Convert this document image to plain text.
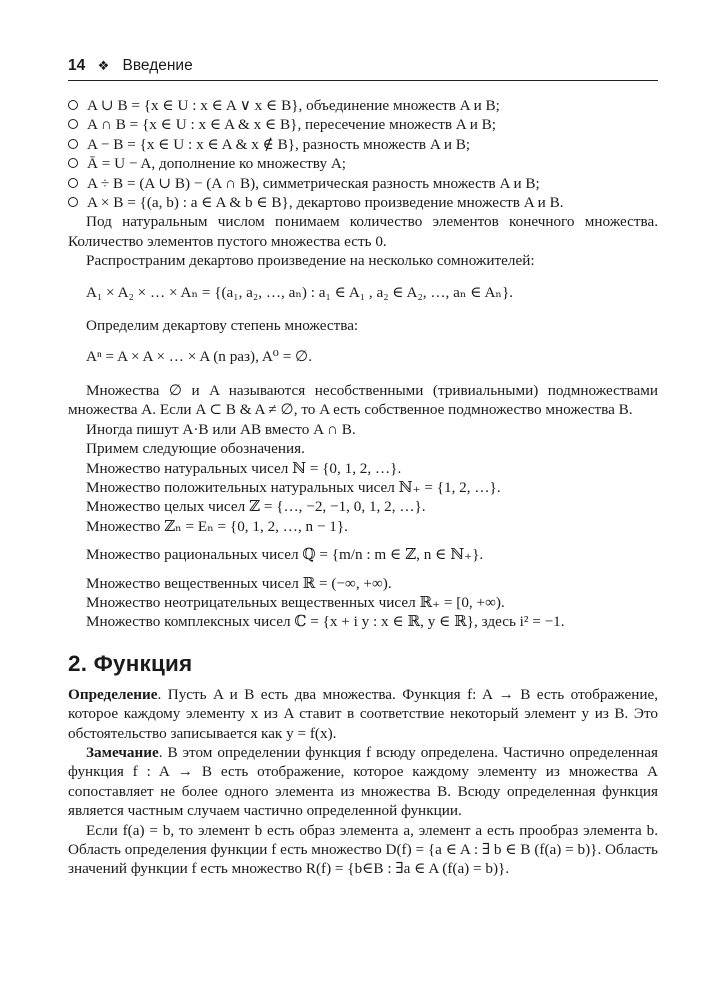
14 ❖ Введение
A ∪ B = {x ∈ U : x ∈ A ∨ x ∈ B}, объединение множеств A и B;
A ∩ B = {x ∈ U : x ∈ A & x ∈ B}, пересечение множеств A и B;
A − B = {x ∈ U : x ∈ A & x ∉ B}, разность множеств A и B;
Ā = U − A, дополнение ко множеству A;
A ÷ B = (A ∪ B) − (A ∩ B), симметрическая разность множеств A и B;
A × B = {(a, b) : a ∈ A & b ∈ B}, декартово произведение множеств A и B.

Под натуральным числом понимаем количество элементов конечного множества. Количество элементов пустого множества есть 0.

Распространим декартово произведение на несколько сомножителей:

A₁ × A₂ × … × Aₙ = {(a₁, a₂, …, aₙ) : a₁ ∈ A₁ , a₂ ∈ A₂, …, aₙ ∈ Aₙ}.

Определим декартову степень множества:

Aⁿ = A × A × … × A (n раз), A⁰ = ∅.

Множества ∅ и A называются несобственными (тривиальными) подмножествами множества A. Если A ⊂ B & A ≠ ∅, то A есть собственное подмножество множества B.

Иногда пишут A·B или AB вместо A ∩ B.

Примем следующие обозначения.

Множество натуральных чисел ℕ = {0, 1, 2, …}.

Множество положительных натуральных чисел ℕ₊ = {1, 2, …}.

Множество целых чисел ℤ = {…, −2, −1, 0, 1, 2, …}.

Множество ℤₙ = Eₙ = {0, 1, 2, …, n − 1}.

Множество рациональных чисел ℚ = {m/n : m ∈ ℤ, n ∈ ℕ₊}.

Множество вещественных чисел ℝ = (−∞, +∞).

Множество неотрицательных вещественных чисел ℝ₊ = [0, +∞).

Множество комплексных чисел ℂ = {x + i y : x ∈ ℝ, y ∈ ℝ}, здесь i² = −1.

2. Функция

Определение. Пусть A и B есть два множества. Функция f: A → B есть отображение, которое каждому элементу x из A ставит в соответствие некоторый элемент y из B. Это обстоятельство записывается как y = f(x).

Замечание. В этом определении функция f всюду определена. Частично определенная функция f : A → B есть отображение, которое каждому элементу из множества A сопоставляет не более одного элемента из множества B. Всюду определенная функция является частным случаем частично определенной функции.

Если f(a) = b, то элемент b есть образ элемента a, элемент a есть прообраз элемента b. Область определения функции f есть множество D(f) = {a ∈ A : ∃ b ∈ B (f(a) = b)}. Область значений функции f есть множество R(f) = {b∈B : ∃a ∈ A (f(a) = b)}.
